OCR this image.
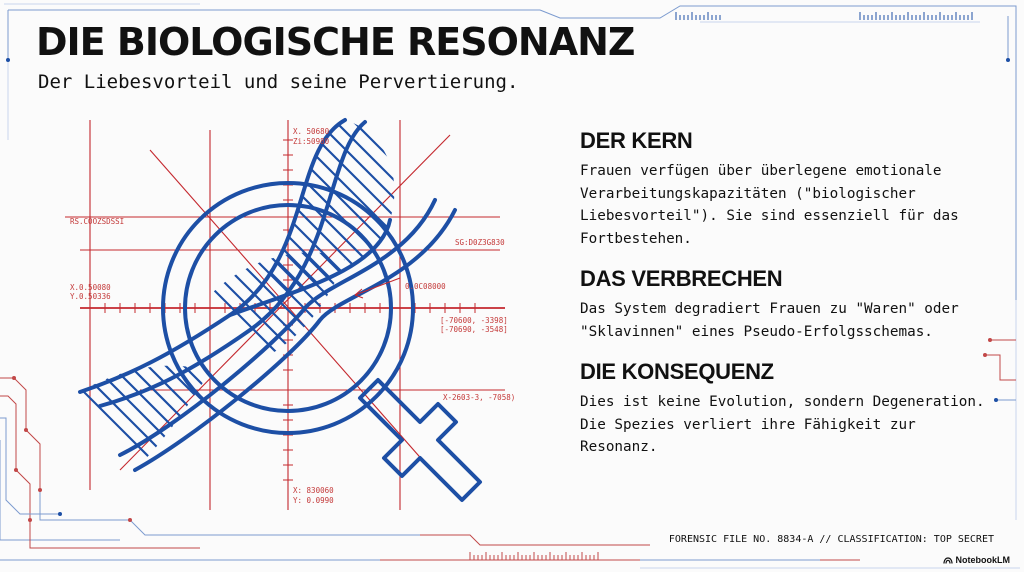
DIE BIOLOGISCHE RESONANZ

Der Liebesvorteil und seine Pervertierung.

X. 50680
Zi:50980
RS.COOZSDSSI
SG:D0Z3G830
X.0.50080
Y.0.50336
0.0C08000
[-70600, -3398]
[-70690, -3548]
X-2603-3, -7058)
X: 830060
Y: 0.0990
DER KERN

Frauen verfügen über überlegene emotionale Verarbeitungskapazitäten ("biologischer Liebesvorteil"). Sie sind essenziell für das Fortbestehen.

DAS VERBRECHEN

Das System degradiert Frauen zu "Waren" oder "Sklavinnen" eines Pseudo-Erfolgsschemas.

DIE KONSEQUENZ

Dies ist keine Evolution, sondern Degeneration. Die Spezies verliert ihre Fähigkeit zur Resonanz.

FORENSIC FILE NO. 8834-A // CLASSIFICATION: TOP SECRET
NotebookLM
